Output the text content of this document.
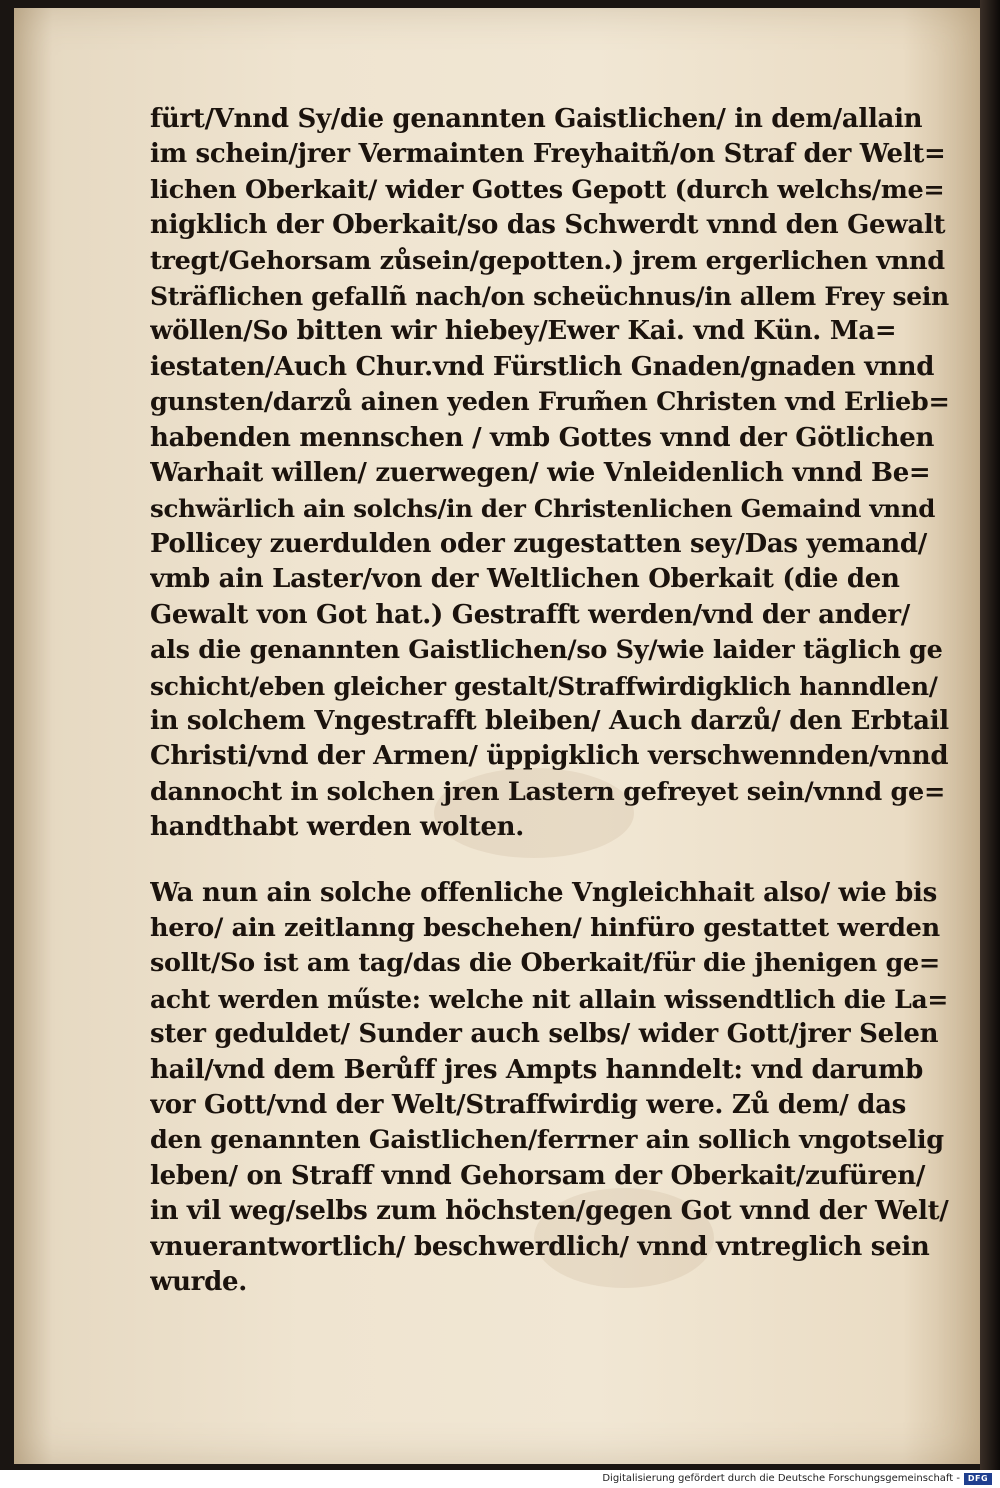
fürt/Vnnd Sy/die genannten Gaistlichen/ in dem/allain
im schein/jrer Vermainten Freyhaitñ/on Straf der Welt=
lichen Oberkait/ wider Gottes Gepott (durch welchs/me=
nigklich der Oberkait/so das Schwerdt vnnd den Gewalt
tregt/Gehorsam zůsein/gepotten.) jrem ergerlichen vnnd
Sträflichen gefallñ nach/on scheüchnus/in allem Frey sein
wöllen/So bitten wir hiebey/Ewer Kai. vnd Kün. Ma=
iestaten/Auch Chur.vnd Fürstlich Gnaden/gnaden vnnd
gunsten/darzů ainen yeden Frum̃en Christen vnd Erlieb=
habenden mennschen / vmb Gottes vnnd der Götlichen
Warhait willen/ zuerwegen/ wie Vnleidenlich vnnd Be=
schwärlich ain solchs/in der Christenlichen Gemaind vnnd
Pollicey zuerdulden oder zugestatten sey/Das yemand/
vmb ain Laster/von der Weltlichen Oberkait (die den
Gewalt von Got hat.) Gestrafft werden/vnd der ander/
als die genannten Gaistlichen/so Sy/wie laider täglich ge
schicht/eben gleicher gestalt/Straffwirdigklich hanndlen/
in solchem Vngestrafft bleiben/ Auch darzů/ den Erbtail
Christi/vnd der Armen/ üppigklich verschwennden/vnnd
dannocht in solchen jren Lastern gefreyet sein/vnnd ge=
handthabt werden wolten.
Wa nun ain solche offenliche Vngleichhait also/ wie bis
hero/ ain zeitlanng beschehen/ hinfüro gestattet werden
sollt/So ist am tag/das die Oberkait/für die jhenigen ge=
acht werden műste: welche nit allain wissendtlich die La=
ster geduldet/ Sunder auch selbs/ wider Gott/jrer Selen
hail/vnd dem Berůff jres Ampts hanndelt: vnd darumb
vor Gott/vnd der Welt/Straffwirdig were. Zů dem/ das
den genannten Gaistlichen/ferrner ain sollich vngotselig
leben/ on Straff vnnd Gehorsam der Oberkait/zufüren/
in vil weg/selbs zum höchsten/gegen Got vnnd der Welt/
vnuerantwortlich/ beschwerdlich/ vnnd vntreglich sein
wurde.
Digitalisierung gefördert durch die Deutsche Forschungsgemeinschaft - DFG
